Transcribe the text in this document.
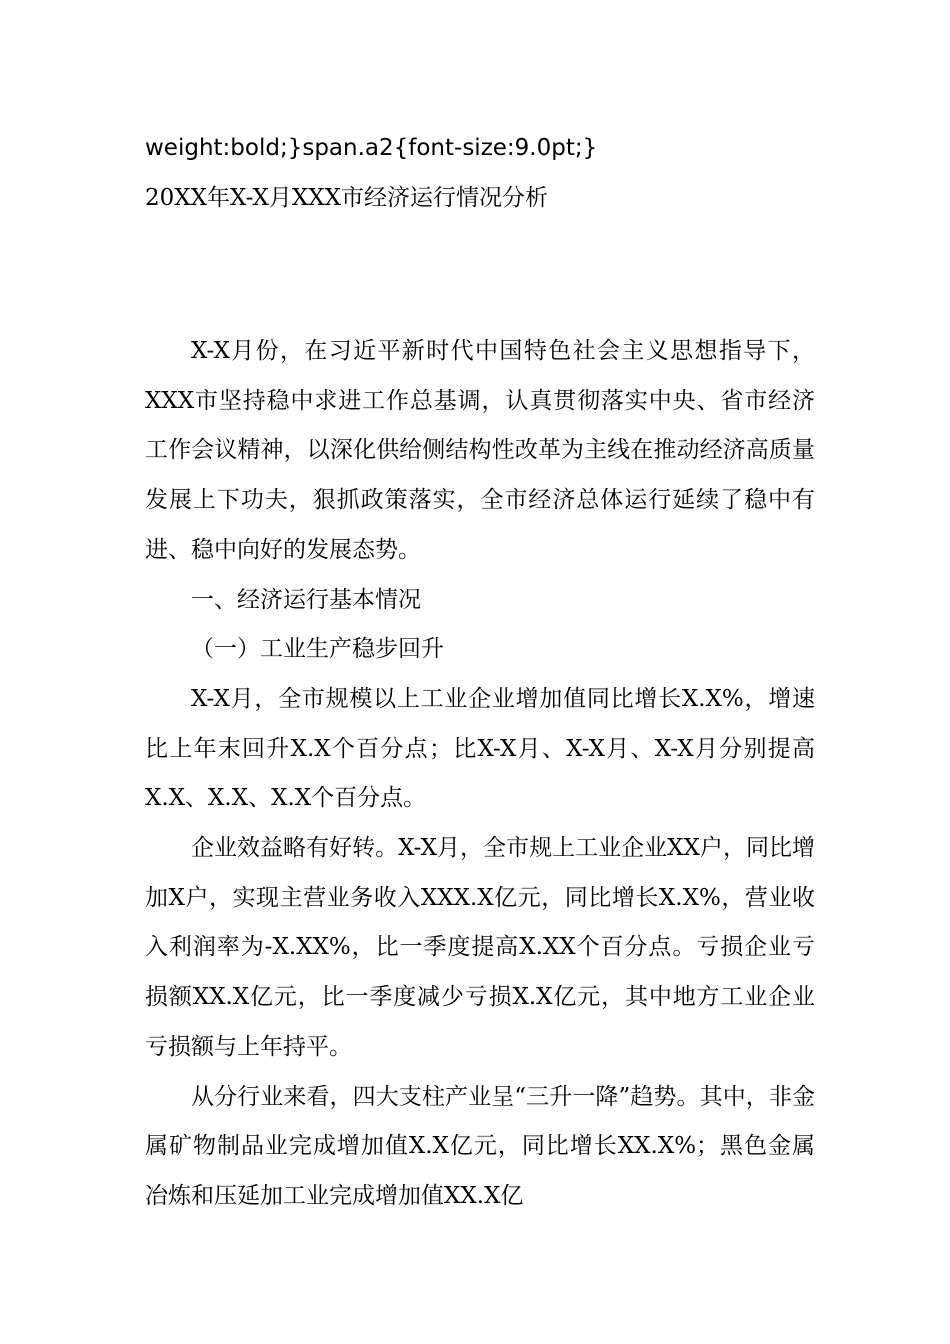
weight:bold;}span.a2{font-size:9.0pt;}
20XX年X-X月XXX市经济运行情况分析

X-X月份，在习近平新时代中国特色社会主义思想指导下，XXX市坚持稳中求进工作总基调，认真贯彻落实中央、省市经济工作会议精神，以深化供给侧结构性改革为主线在推动经济高质量发展上下功夫，狠抓政策落实，全市经济总体运行延续了稳中有进、稳中向好的发展态势。

一、经济运行基本情况

（一）工业生产稳步回升

X-X月，全市规模以上工业企业增加值同比增长X.X%，增速比上年末回升X.X个百分点；比X-X月、X-X月、X-X月分别提高X.X、X.X、X.X个百分点。

企业效益略有好转。X-X月，全市规上工业企业XX户，同比增加X户，实现主营业务收入XXX.X亿元，同比增长X.X%，营业收入利润率为-X.XX%，比一季度提高X.XX个百分点。亏损企业亏损额XX.X亿元，比一季度减少亏损X.X亿元，其中地方工业企业亏损额与上年持平。

从分行业来看，四大支柱产业呈“三升一降”趋势。其中，非金属矿物制品业完成增加值X.X亿元，同比增长XX.X%；黑色金属冶炼和压延加工业完成增加值XX.X亿
